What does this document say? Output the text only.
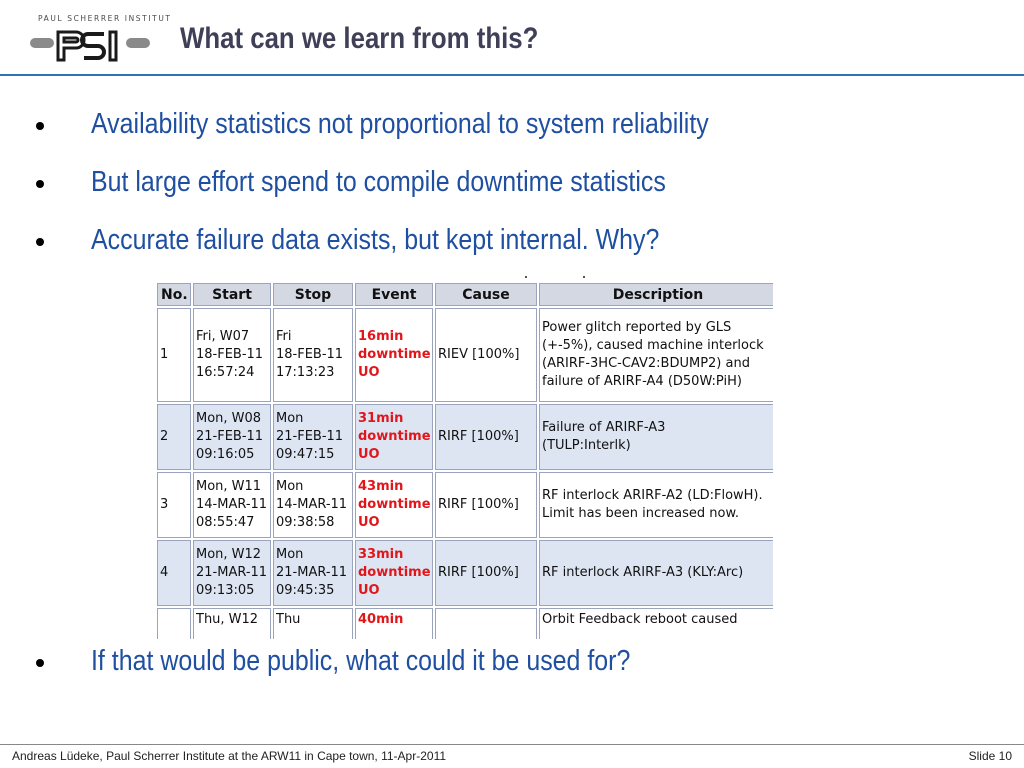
PAUL SCHERRER INSTITUT
What can we learn from this?
Availability statistics not proportional to system reliability
But large effort spend to compile downtime statistics
Accurate failure data exists, but kept internal. Why?
No.	Start	Stop	Event	Cause	Description
1	Fri, W07
18-FEB-11
16:57:24	Fri
18-FEB-11
17:13:23	16min
downtime
UO	RIEV [100%]	Power glitch reported by GLS (+-5%), caused machine interlock (ARIRF-3HC-CAV2:BDUMP2) and failure of ARIRF-A4 (D50W:PiH)
2	Mon, W08
21-FEB-11
09:16:05	Mon
21-FEB-11
09:47:15	31min
downtime
UO	RIRF [100%]	Failure of ARIRF-A3
(TULP:Interlk)
3	Mon, W11
14-MAR-11
08:55:47	Mon
14-MAR-11
09:38:58	43min
downtime
UO	RIRF [100%]	RF interlock ARIRF-A2 (LD:FlowH). Limit has been increased now.
4	Mon, W12
21-MAR-11
09:13:05	Mon
21-MAR-11
09:45:35	33min
downtime
UO	RIRF [100%]	RF interlock ARIRF-A3 (KLY:Arc)
	Thu, W12	Thu	40min		Orbit Feedback reboot caused
If that would be public, what could it be used for?
Andreas Lüdeke, Paul Scherrer Institute at the ARW11 in Cape town, 11-Apr-2011	Slide 10
